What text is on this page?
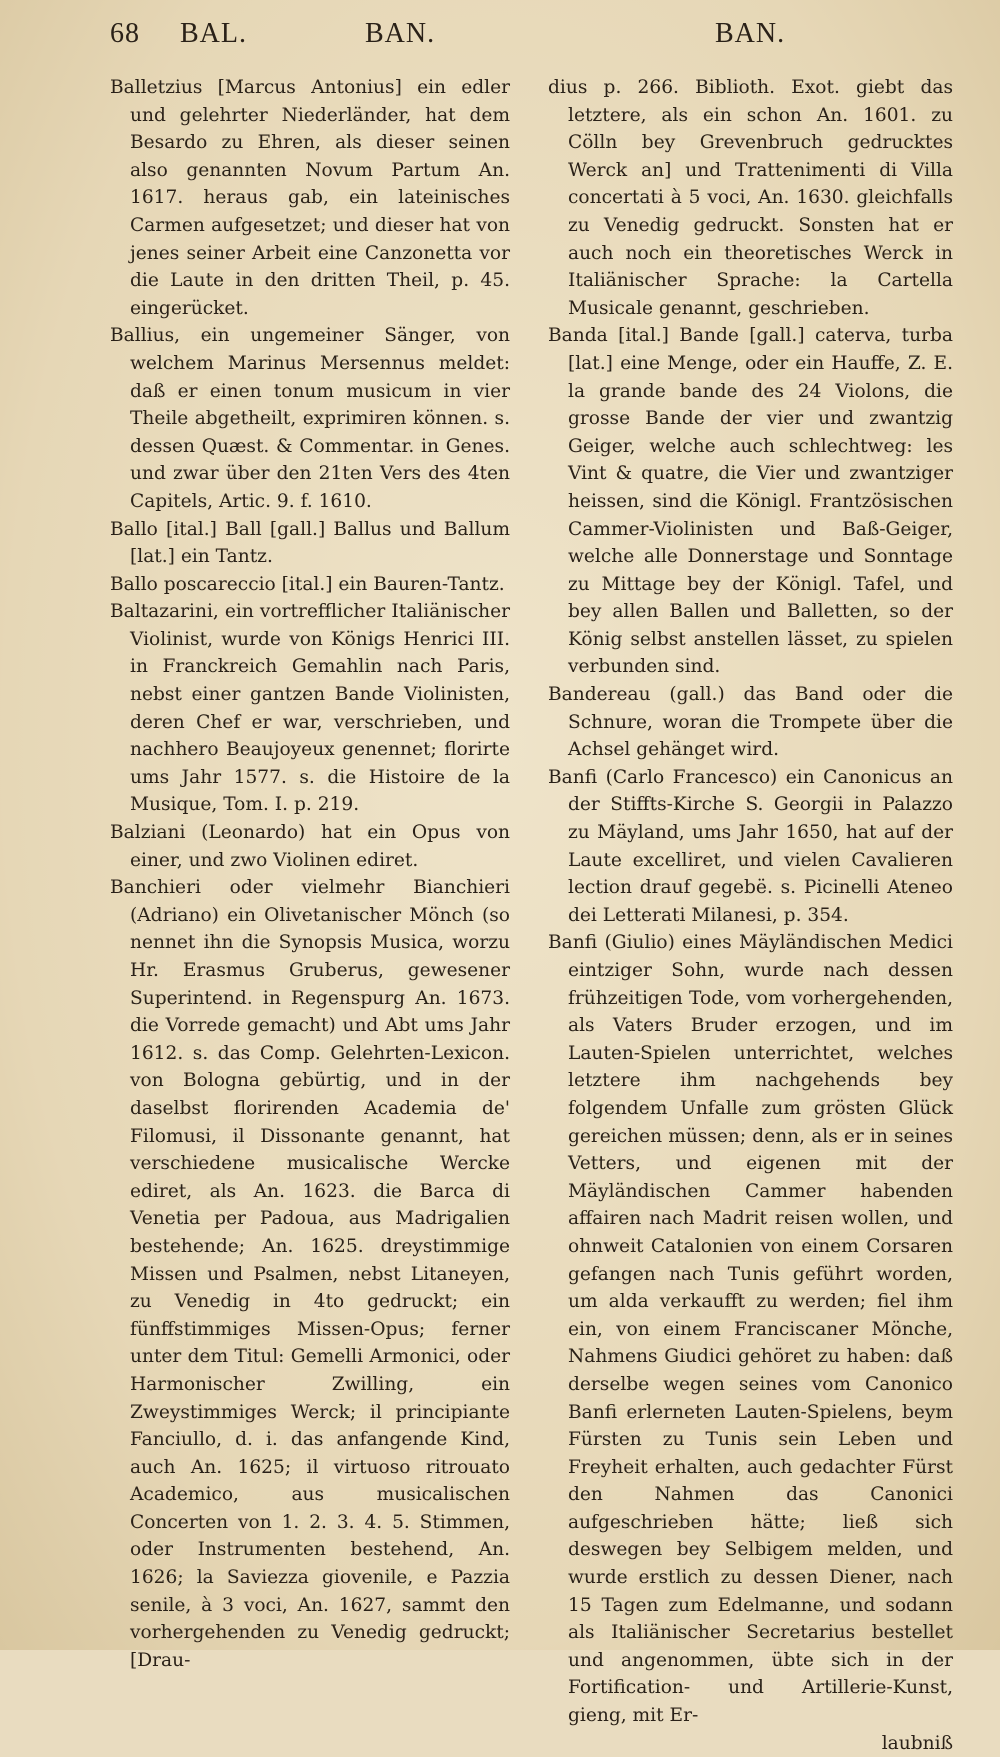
68 BAL.	BAN.	BAN.

Balletzius [Marcus Antonius] ein edler und gelehrter Niederländer, hat dem Besardo zu Ehren, als dieser seinen also genannten Novum Partum An. 1617. heraus gab, ein lateinisches Carmen aufgesetzet; und dieser hat von jenes seiner Arbeit eine Canzonetta vor die Laute in den dritten Theil, p. 45. eingerücket.

Ballius, ein ungemeiner Sänger, von welchem Marinus Mersennus meldet: daß er einen tonum musicum in vier Theile abgetheilt, exprimiren können. s. dessen Quæst. & Commentar. in Genes. und zwar über den 21ten Vers des 4ten Capitels, Artic. 9. f. 1610.

Ballo [ital.] Ball [gall.] Ballus und Ballum [lat.] ein Tantz.

Ballo poscareccio [ital.] ein Bauren-Tantz.

Baltazarini, ein vortrefflicher Italiänischer Violinist, wurde von Königs Henrici III. in Franckreich Gemahlin nach Paris, nebst einer gantzen Bande Violinisten, deren Chef er war, verschrieben, und nachhero Beaujoyeux genennet; florirte ums Jahr 1577. s. die Histoire de la Musique, Tom. I. p. 219.

Balziani (Leonardo) hat ein Opus von einer, und zwo Violinen ediret.

Banchieri oder vielmehr Bianchieri (Adriano) ein Olivetanischer Mönch (so nennet ihn die Synopsis Musica, worzu Hr. Erasmus Gruberus, gewesener Superintend. in Regenspurg An. 1673. die Vorrede gemacht) und Abt ums Jahr 1612. s. das Comp. Gelehrten-Lexicon. von Bologna gebürtig, und in der daselbst florirenden Academia de' Filomusi, il Dissonante genannt, hat verschiedene musicalische Wercke ediret, als An. 1623. die Barca di Venetia per Padoua, aus Madrigalien bestehende; An. 1625. dreystimmige Missen und Psalmen, nebst Litaneyen, zu Venedig in 4to gedruckt; ein fünffstimmiges Missen-Opus; ferner unter dem Titul: Gemelli Armonici, oder Harmonischer Zwilling, ein Zweystimmiges Werck; il principiante Fanciullo, d. i. das anfangende Kind, auch An. 1625; il virtuoso ritrouato Academico, aus musicalischen Concerten von 1. 2. 3. 4. 5. Stimmen, oder Instrumenten bestehend, An. 1626; la Saviezza giovenile, e Pazzia senile, à 3 voci, An. 1627, sammt den vorhergehenden zu Venedig gedruckt; [Drau-

dius p. 266. Biblioth. Exot. giebt das letztere, als ein schon An. 1601. zu Cölln bey Grevenbruch gedrucktes Werck an] und Trattenimenti di Villa concertati à 5 voci, An. 1630. gleichfalls zu Venedig gedruckt. Sonsten hat er auch noch ein theoretisches Werck in Italiänischer Sprache: la Cartella Musicale genannt, geschrieben.

Banda [ital.] Bande [gall.] caterva, turba [lat.] eine Menge, oder ein Hauffe, Z. E. la grande bande des 24 Violons, die grosse Bande der vier und zwantzig Geiger, welche auch schlechtweg: les Vint & quatre, die Vier und zwantziger heissen, sind die Königl. Frantzösischen Cammer-Violinisten und Baß-Geiger, welche alle Donnerstage und Sonntage zu Mittage bey der Königl. Tafel, und bey allen Ballen und Balletten, so der König selbst anstellen lässet, zu spielen verbunden sind.

Bandereau (gall.) das Band oder die Schnure, woran die Trompete über die Achsel gehänget wird.

Banfi (Carlo Francesco) ein Canonicus an der Stiffts-Kirche S. Georgii in Palazzo zu Mäyland, ums Jahr 1650, hat auf der Laute excelliret, und vielen Cavalieren lection drauf gegebë. s. Picinelli Ateneo dei Letterati Milanesi, p. 354.

Banfi (Giulio) eines Mäyländischen Medici eintziger Sohn, wurde nach dessen frühzeitigen Tode, vom vorhergehenden, als Vaters Bruder erzogen, und im Lauten-Spielen unterrichtet, welches letztere ihm nachgehends bey folgendem Unfalle zum grösten Glück gereichen müssen; denn, als er in seines Vetters, und eigenen mit der Mäyländischen Cammer habenden affairen nach Madrit reisen wollen, und ohnweit Catalonien von einem Corsaren gefangen nach Tunis geführt worden, um alda verkaufft zu werden; fiel ihm ein, von einem Franciscaner Mönche, Nahmens Giudici gehöret zu haben: daß derselbe wegen seines vom Canonico Banfi erlerneten Lauten-Spielens, beym Fürsten zu Tunis sein Leben und Freyheit erhalten, auch gedachter Fürst den Nahmen das Canonici aufgeschrieben hätte; ließ sich deswegen bey Selbigem melden, und wurde erstlich zu dessen Diener, nach 15 Tagen zum Edelmanne, und sodann als Italiänischer Secretarius bestellet und angenommen, übte sich in der Fortification- und Artillerie-Kunst, gieng, mit Er-

laubniß
